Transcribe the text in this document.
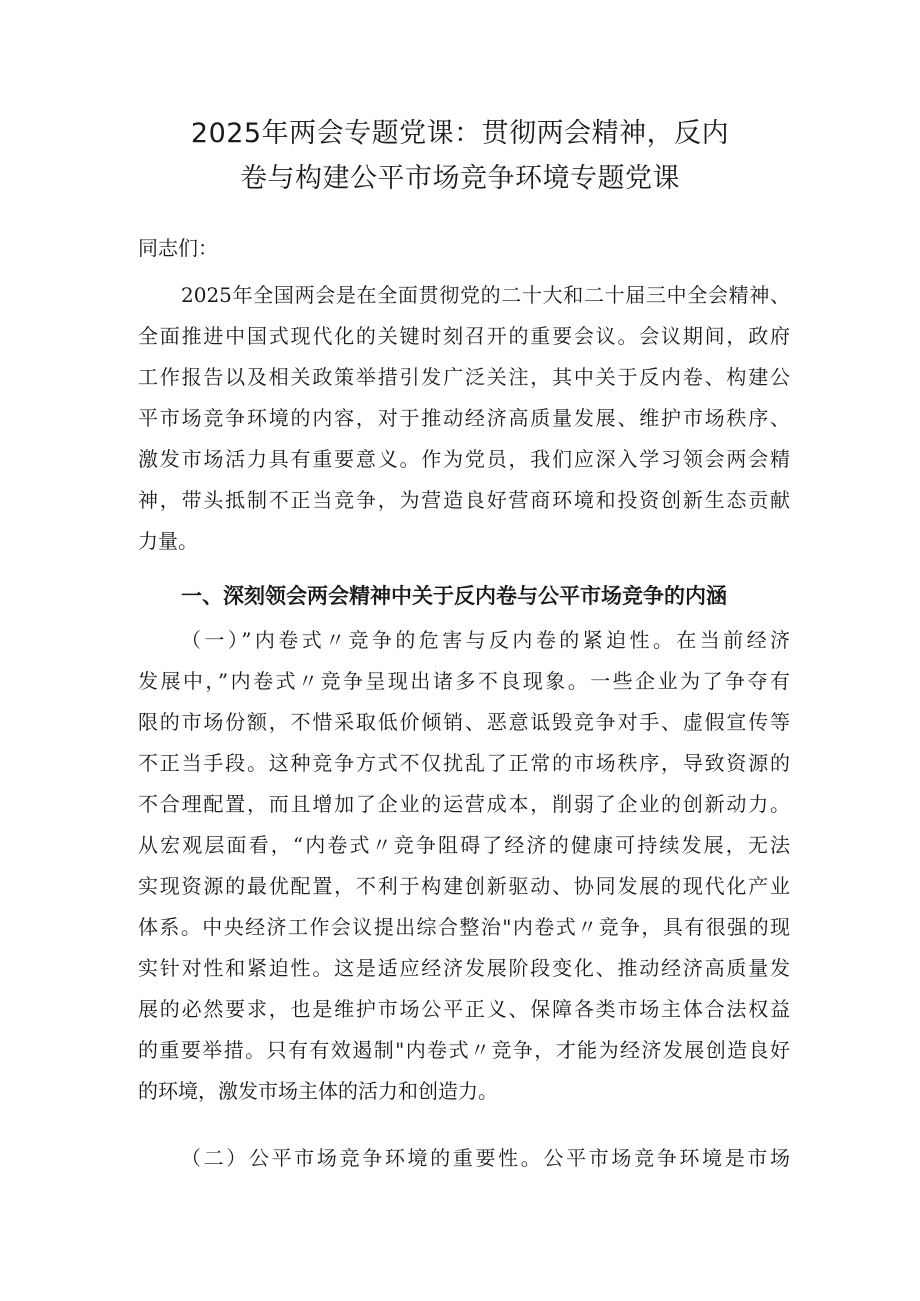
2025年两会专题党课：贯彻两会精神，反内
卷与构建公平市场竞争环境专题党课

同志们：

2025年全国两会是在全面贯彻党的二十大和二十届三中全会精神、

全面推进中国式现代化的关键时刻召开的重要会议。会议期间，政府

工作报告以及相关政策举措引发广泛关注，其中关于反内卷、构建公

平市场竞争环境的内容，对于推动经济高质量发展、维护市场秩序、

激发市场活力具有重要意义。作为党员，我们应深入学习领会两会精

神，带头抵制不正当竞争，为营造良好营商环境和投资创新生态贡献

力量。

一、深刻领会两会精神中关于反内卷与公平市场竞争的内涵

（一）”内卷式〃竞争的危害与反内卷的紧迫性。在当前经济

发展中，”内卷式〃竞争呈现出诸多不良现象。一些企业为了争夺有

限的市场份额，不惜采取低价倾销、恶意诋毁竞争对手、虚假宣传等

不正当手段。这种竞争方式不仅扰乱了正常的市场秩序，导致资源的

不合理配置，而且增加了企业的运营成本，削弱了企业的创新动力。

从宏观层面看，“内卷式〃竞争阻碍了经济的健康可持续发展，无法

实现资源的最优配置，不利于构建创新驱动、协同发展的现代化产业

体系。中央经济工作会议提出综合整治"内卷式〃竞争，具有很强的现

实针对性和紧迫性。这是适应经济发展阶段变化、推动经济高质量发

展的必然要求，也是维护市场公平正义、保障各类市场主体合法权益

的重要举措。只有有效遏制"内卷式〃竞争，才能为经济发展创造良好

的环境，激发市场主体的活力和创造力。

（二）公平市场竞争环境的重要性。公平市场竞争环境是市场
